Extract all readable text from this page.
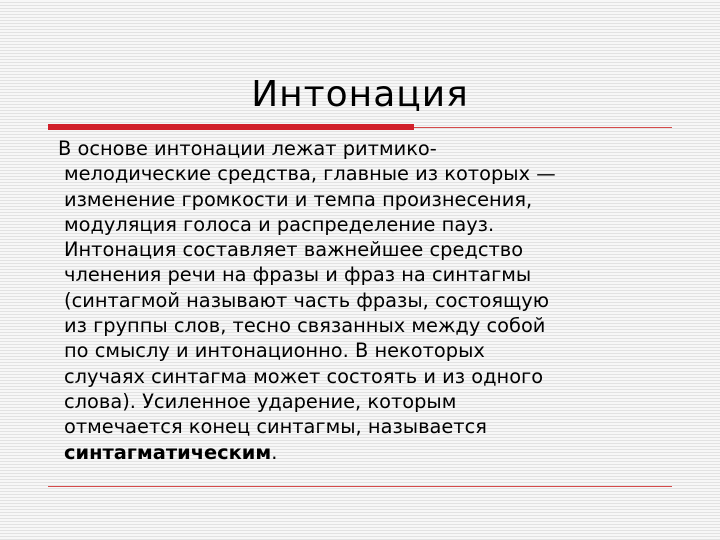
Интонация
В основе интонации лежат ритмико-
мелодические средства, главные из которых —
изменение громкости и темпа произнесения,
модуляция голоса и распределение пауз.
Интонация составляет важнейшее средство
членения речи на фразы и фраз на синтагмы
(синтагмой называют часть фразы, состоящую
из группы слов, тесно связанных между собой
по смыслу и интонационно. В некоторых
случаях синтагма может состоять и из одного
слова). Усиленное ударение, которым
отмечается конец синтагмы, называется
синтагматическим.
